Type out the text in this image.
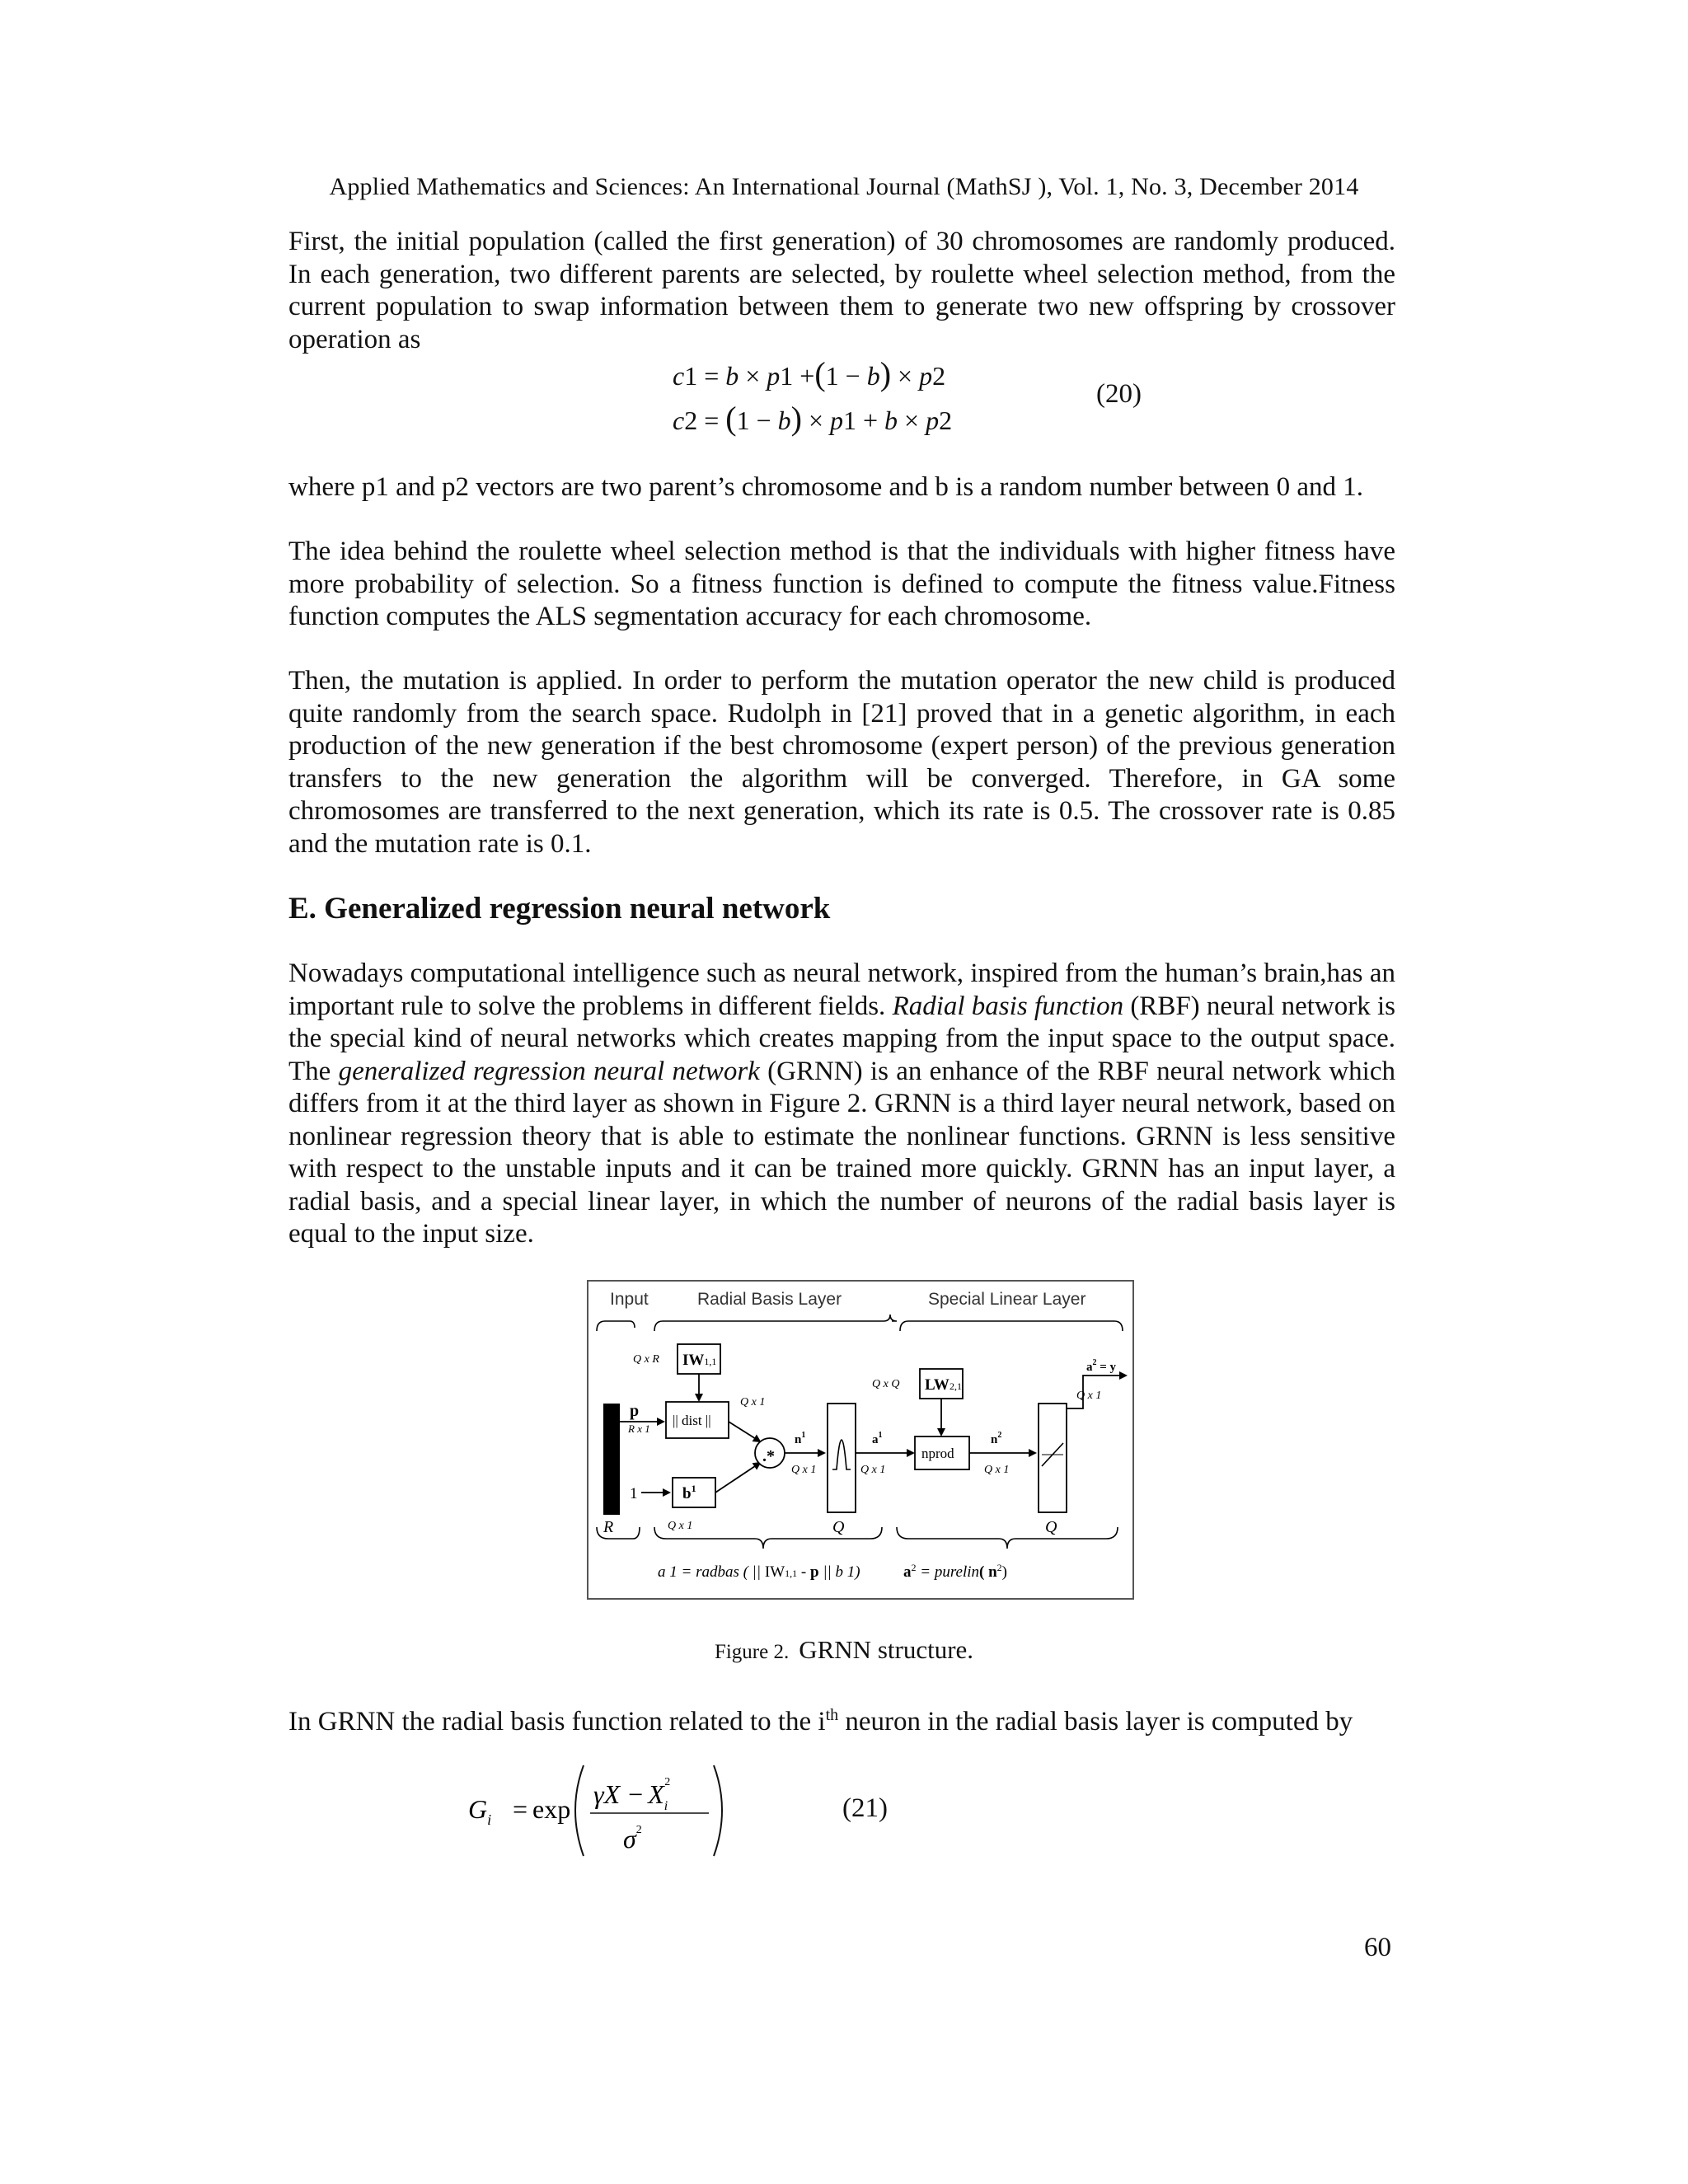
Applied Mathematics and Sciences: An International Journal (MathSJ ), Vol. 1, No. 3, December 2014

First, the initial population (called the first generation) of 30 chromosomes are randomly produced. In each generation, two different parents are selected, by roulette wheel selection method, from the current population to swap information between them to generate two new offspring by crossover operation as

c1 = b × p1 +(1 − b) × p2
c2 = (1 − b) × p1 + b × p2
(20)

where p1 and p2 vectors are two parent’s chromosome and b is a random number between 0 and 1.

The idea behind the roulette wheel selection method is that the individuals with higher fitness have more probability of selection. So a fitness function is defined to compute the fitness value.Fitness function computes the ALS segmentation accuracy for each chromosome.

Then, the mutation is applied. In order to perform the mutation operator the new child is produced quite randomly from the search space. Rudolph in [21] proved that in a genetic algorithm, in each production of the new generation if the best chromosome (expert person) of the previous generation transfers to the new generation the algorithm will be converged. Therefore, in GA some chromosomes are transferred to the next generation, which its rate is 0.5. The crossover rate is 0.85 and the mutation rate is 0.1.

E. Generalized regression neural network

Nowadays computational intelligence such as neural network, inspired from the human’s brain,has an important rule to solve the problems in different fields. Radial basis function (RBF) neural network is the special kind of neural networks which creates mapping from the input space to the output space. The generalized regression neural network (GRNN) is an enhance of the RBF neural network which differs from it at the third layer as shown in Figure 2. GRNN is a third layer neural network, based on nonlinear regression theory that is able to estimate the nonlinear functions. GRNN is less sensitive with respect to the unstable inputs and it can be trained more quickly. GRNN has an input layer, a radial basis, and a special linear layer, in which the number of neurons of the radial basis layer is equal to the input size.

Input	Radial Basis Layer	Special Linear Layer
R
p
R x 1
Q x R IW1,1
|| dist ||
Q x 1
1	$b^1$
Q x 1
.*
$n^1$
Q x 1
Q
$a^1$
Q x 1
Q x Q LW2,1
nprod
$n^2$
Q x 1
Q
$a^2 = y$
Q x 1
a 1 = radbas ( || IW1,1 - p || b 1)	$a^2$ = purelin( $n^2$)
Figure 2. GRNN structure.

In GRNN the radial basis function related to the $i^{th}$ neuron in the radial basis layer is computed by

$G_i = \exp \gamma X - X_i2$
$\sigma^2$
(21)
60
